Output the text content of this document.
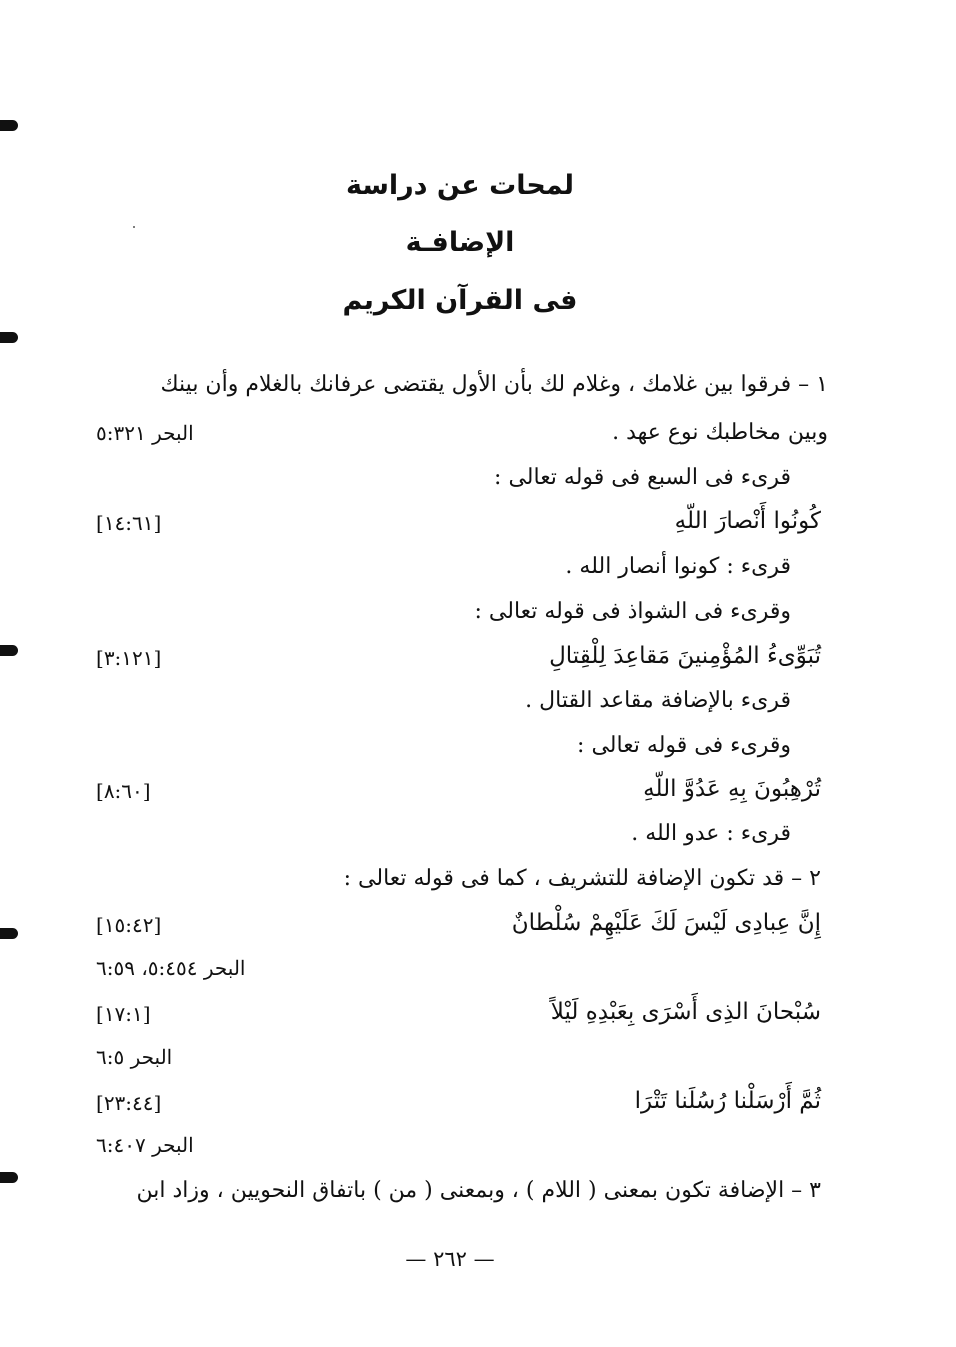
لمحات عن دراسة
الإضافـة
فى القرآن الكريم
١ – فرقوا بين غلامك ، وغلام لك بأن الأول يقتضى عرفانك بالغلام وأن بينك
وبين مخاطبك نوع عهد .
البحر ٥:٣٢١
قرىء فى السبع فى قوله تعالى :
كُونُوا أَنْصارَ اللّهِ
[١٤:٦١]
قرىء : كونوا أنصار الله .
وقرىء فى الشواذ فى قوله تعالى :
تُبَوِّىءُ المُؤْمِنينَ مَقاعِدَ لِلْقِتالِ
[٣:١٢١]
قرىء بالإضافة مقاعد القتال .
وقرىء فى قوله تعالى :
تُرْهِبُونَ بِهِ عَدُوَّ اللّهِ
[٨:٦٠]
قرىء : عدو الله .
٢ – قد تكون الإضافة للتشريف ، كما فى قوله تعالى :
إِنَّ عِبادِى لَيْسَ لَكَ عَلَيْهِمْ سُلْطانٌ
[١٥:٤٢]
البحر ٥:٤٥٤، ٦:٥٩
سُبْحانَ الذِى أَسْرَى بِعَبْدِهِ لَيْلاً
[١٧:١]
البحر ٦:٥
ثُمَّ أَرْسَلْنا رُسُلَنا تَتْرَا
[٢٣:٤٤]
البحر ٦:٤٠٧
٣ – الإضافة تكون بمعنى ( اللام ) ، وبمعنى ( من ) باتفاق النحويين ، وزاد ابن
— ٢٦٢ —
